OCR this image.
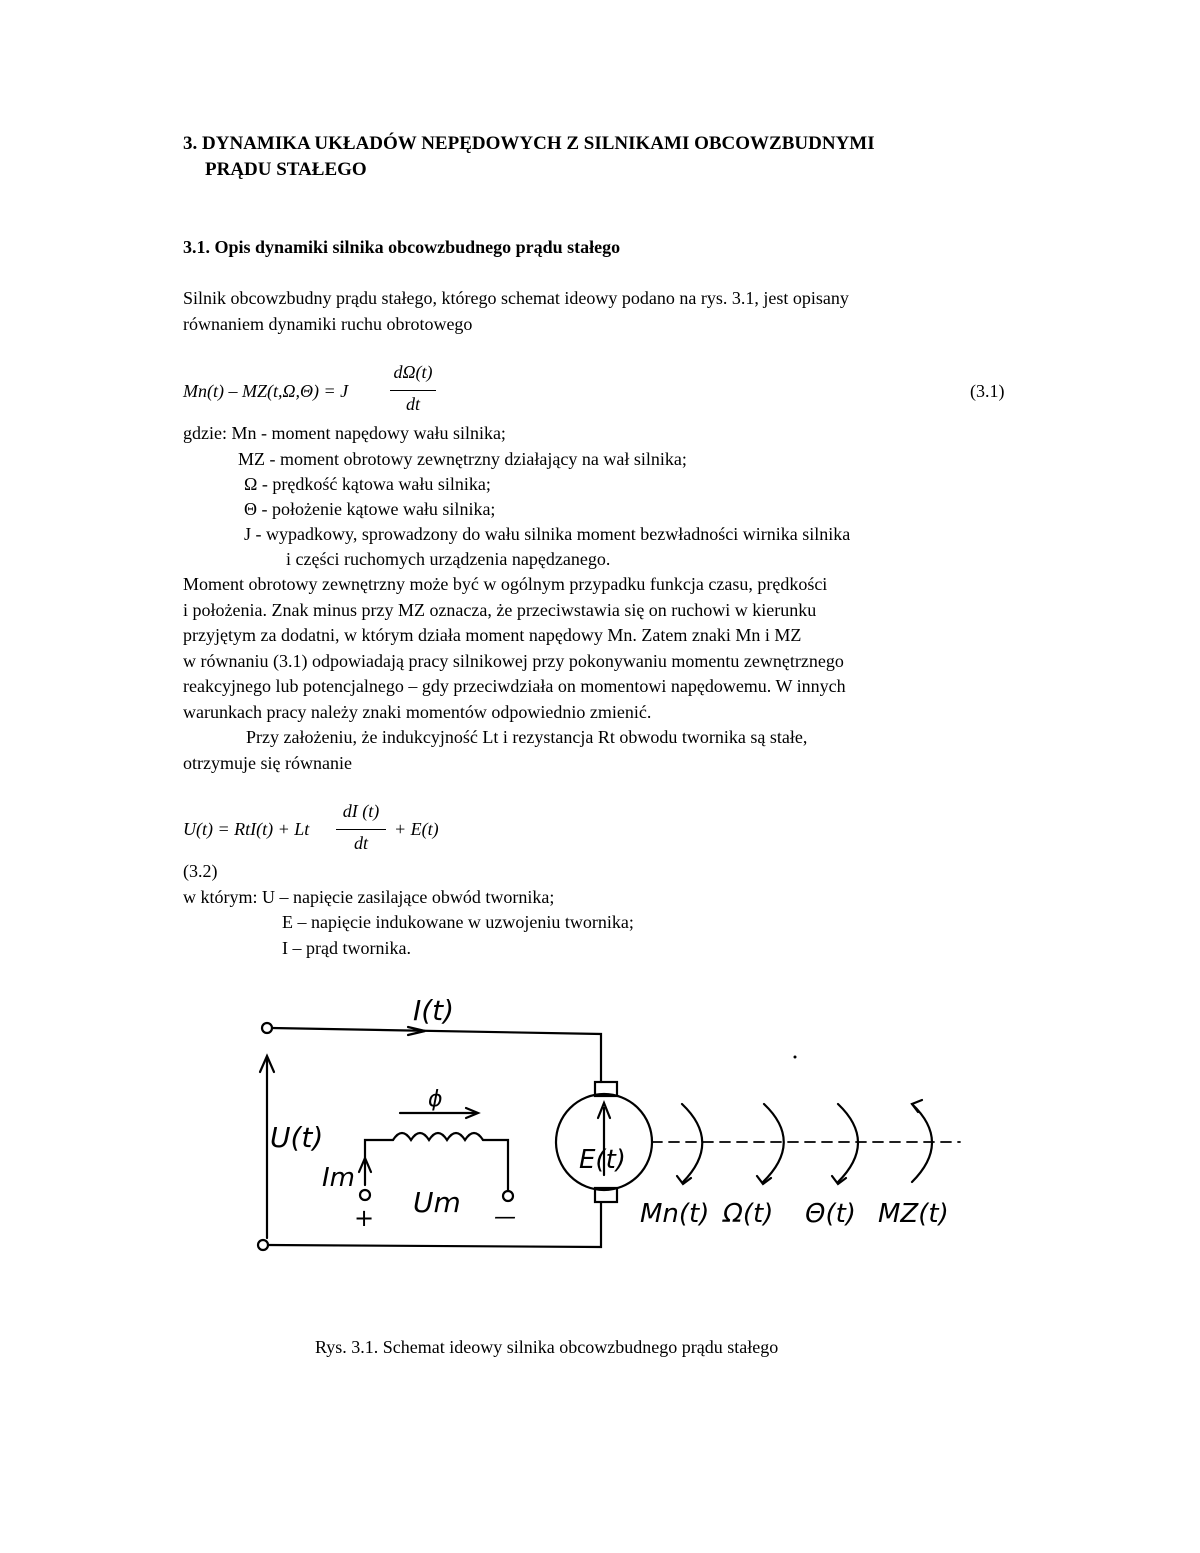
3. DYNAMIKA UKŁADÓW NEPĘDOWYCH Z SILNIKAMI OBCOWZBUDNYMI
PRĄDU STAŁEGO
3.1. Opis dynamiki silnika obcowzbudnego prądu stałego
Silnik obcowzbudny prądu stałego, którego schemat ideowy podano na rys. 3.1, jest opisany
równaniem dynamiki ruchu obrotowego
Mn(t) – MZ(t,Ω,Θ) = J
dΩ(t)
dt
(3.1)
gdzie: Mn - moment napędowy wału silnika;
MZ - moment obrotowy zewnętrzny działający na wał silnika;
Ω - prędkość kątowa wału silnika;
Θ - położenie kątowe wału silnika;
J - wypadkowy, sprowadzony do wału silnika moment bezwładności wirnika silnika
i części ruchomych urządzenia napędzanego.
Moment obrotowy zewnętrzny może być w ogólnym przypadku funkcja czasu, prędkości
i położenia. Znak minus przy MZ oznacza, że przeciwstawia się on ruchowi w kierunku
przyjętym za dodatni, w którym działa moment napędowy Mn. Zatem znaki Mn i MZ
w równaniu (3.1) odpowiadają pracy silnikowej przy pokonywaniu momentu zewnętrznego
reakcyjnego lub potencjalnego – gdy przeciwdziała on momentowi napędowemu. W innych
warunkach pracy należy znaki momentów odpowiednio zmienić.
Przy założeniu, że indukcyjność Lt i rezystancja Rt obwodu twornika są stałe,
otrzymuje się równanie
U(t) = RtI(t) + Lt
dI (t)
dt
+ E(t)
(3.2)
w którym: U – napięcie zasilające obwód twornika;
E – napięcie indukowane w uzwojeniu twornika;
I – prąd twornika.
I(t)
U(t)
ϕ
Im
Um
+	—
E(t)
Mn(t) Ω(t) Θ(t) MZ(t)
Rys. 3.1. Schemat ideowy silnika obcowzbudnego prądu stałego
